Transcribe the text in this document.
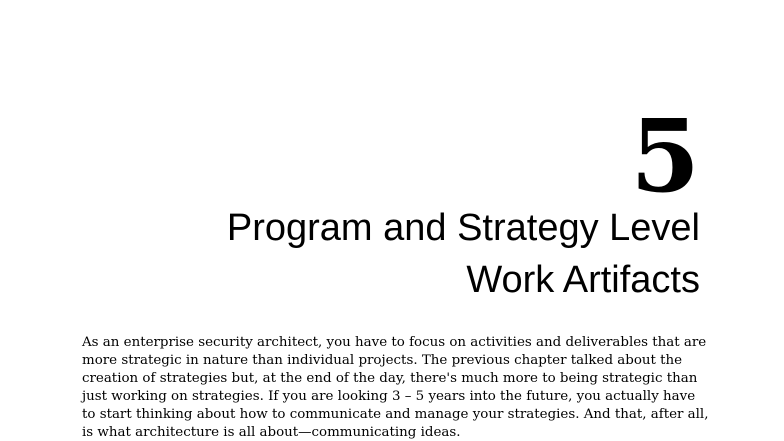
5
Program and Strategy Level
Work Artifacts

As an enterprise security architect, you have to focus on activities and deliverables that are
more strategic in nature than individual projects. The previous chapter talked about the
creation of strategies but, at the end of the day, there's much more to being strategic than
just working on strategies. If you are looking 3 – 5 years into the future, you actually have
to start thinking about how to communicate and manage your strategies. And that, after all,
is what architecture is all about—communicating ideas.
